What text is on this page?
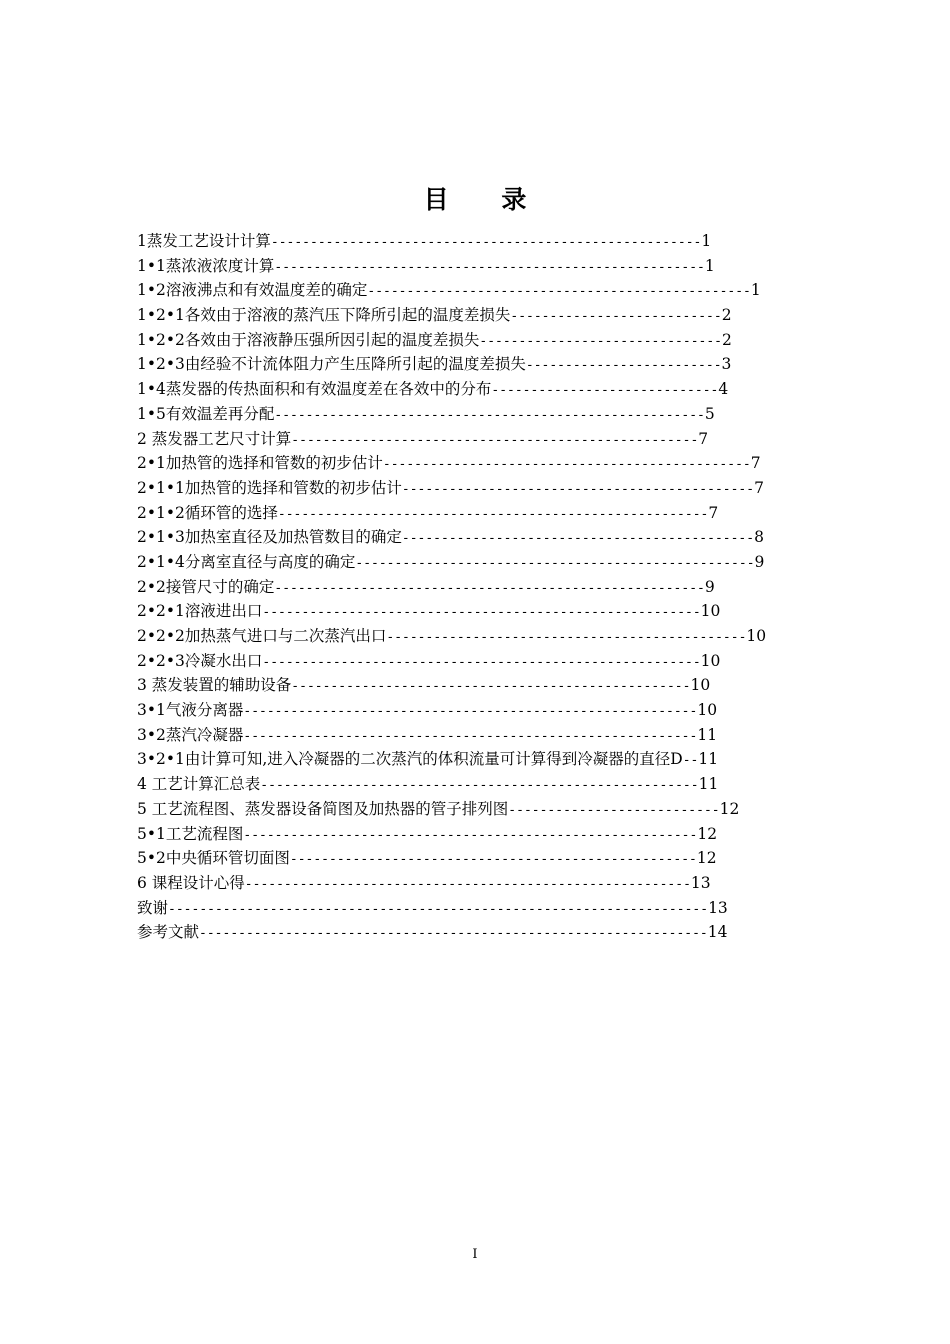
目 录
1蒸发工艺设计计算-------------------------------------------------------1
1•1蒸浓液浓度计算-------------------------------------------------------1
1•2溶液沸点和有效温度差的确定-------------------------------------------------1
1•2•1各效由于溶液的蒸汽压下降所引起的温度差损失---------------------------2
1•2•2各效由于溶液静压强所因引起的温度差损失-------------------------------2
1•2•3由经验不计流体阻力产生压降所引起的温度差损失-------------------------3
1•4蒸发器的传热面积和有效温度差在各效中的分布-----------------------------4
1•5有效温差再分配-------------------------------------------------------5
2 蒸发器工艺尺寸计算----------------------------------------------------7
2•1加热管的选择和管数的初步估计-----------------------------------------------7
2•1•1加热管的选择和管数的初步估计---------------------------------------------7
2•1•2循环管的选择-------------------------------------------------------7
2•1•3加热室直径及加热管数目的确定---------------------------------------------8
2•1•4分离室直径与高度的确定---------------------------------------------------9
2•2接管尺寸的确定-------------------------------------------------------9
2•2•1溶液进出口--------------------------------------------------------10
2•2•2加热蒸气进口与二次蒸汽出口----------------------------------------------10
2•2•3冷凝水出口--------------------------------------------------------10
3 蒸发装置的辅助设备---------------------------------------------------10
3•1气液分离器----------------------------------------------------------10
3•2蒸汽冷凝器----------------------------------------------------------11
3•2•1由计算可知,进入冷凝器的二次蒸汽的体积流量可计算得到冷凝器的直径D--11
4 工艺计算汇总表--------------------------------------------------------11
5 工艺流程图、蒸发器设备简图及加热器的管子排列图---------------------------12
5•1工艺流程图----------------------------------------------------------12
5•2中央循环管切面图----------------------------------------------------12
6 课程设计心得---------------------------------------------------------13
致谢---------------------------------------------------------------------13
参考文献-----------------------------------------------------------------14
I
